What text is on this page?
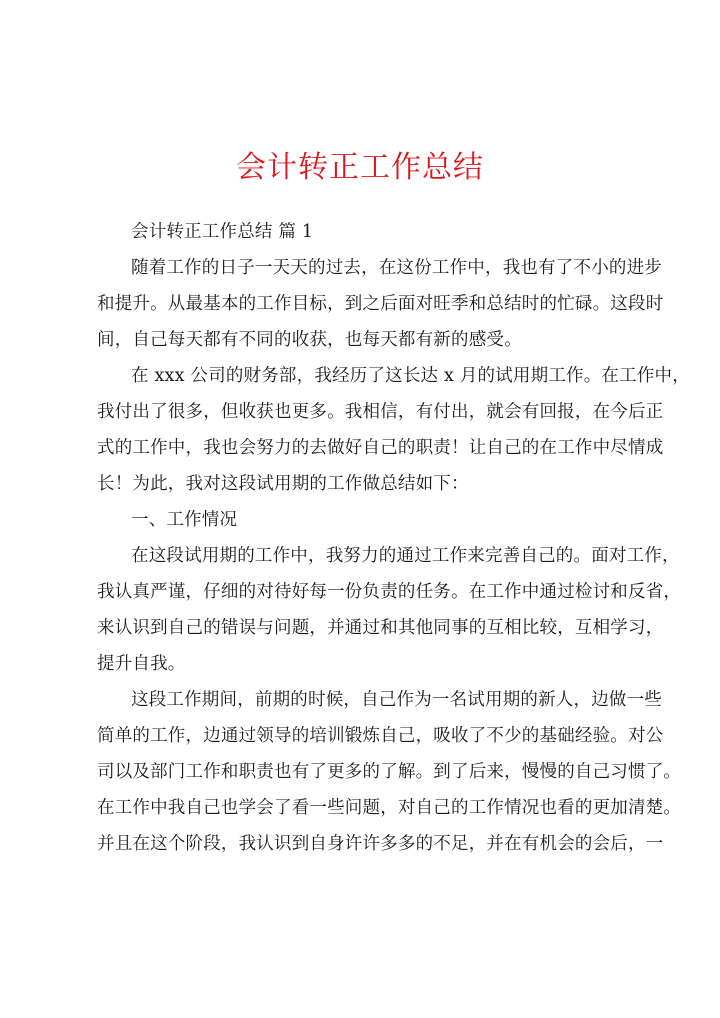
会计转正工作总结
会计转正工作总结 篇 1
随着工作的日子一天天的过去，在这份工作中，我也有了不小的进步
和提升。从最基本的工作目标，到之后面对旺季和总结时的忙碌。这段时
间，自己每天都有不同的收获，也每天都有新的感受。
在 xxx 公司的财务部，我经历了这长达 x 月的试用期工作。在工作中，
我付出了很多，但收获也更多。我相信，有付出，就会有回报，在今后正
式的工作中，我也会努力的去做好自己的职责！让自己的在工作中尽情成
长！为此，我对这段试用期的工作做总结如下：
一、工作情况
在这段试用期的工作中，我努力的通过工作来完善自己的。面对工作，
我认真严谨，仔细的对待好每一份负责的任务。在工作中通过检讨和反省，
来认识到自己的错误与问题，并通过和其他同事的互相比较，互相学习，
提升自我。
这段工作期间，前期的时候，自己作为一名试用期的新人，边做一些
简单的工作，边通过领导的培训锻炼自己，吸收了不少的基础经验。对公
司以及部门工作和职责也有了更多的了解。到了后来，慢慢的自己习惯了。
在工作中我自己也学会了看一些问题，对自己的工作情况也看的更加清楚。
并且在这个阶段，我认识到自身许许多多的不足，并在有机会的会后，一
